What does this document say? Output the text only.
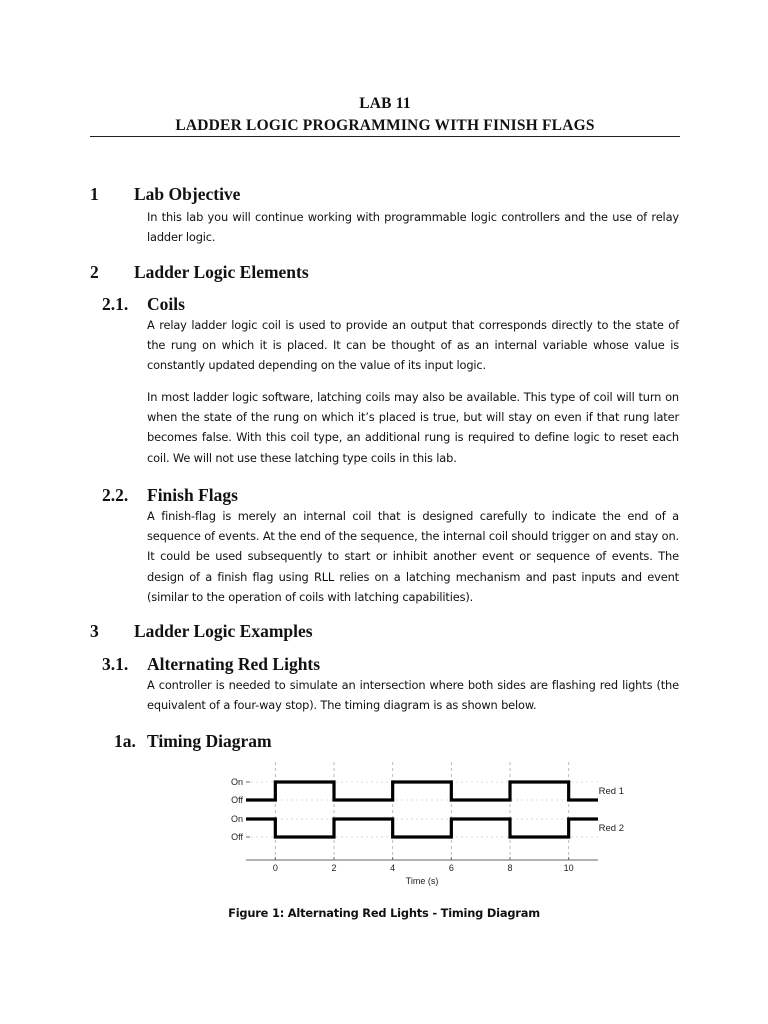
LAB 11
LADDER LOGIC PROGRAMMING WITH FINISH FLAGS
1 Lab Objective
In this lab you will continue working with programmable logic controllers and the use of relay ladder logic.
2 Ladder Logic Elements
2.1. Coils
A relay ladder logic coil is used to provide an output that corresponds directly to the state of the rung on which it is placed. It can be thought of as an internal variable whose value is constantly updated depending on the value of its input logic.
In most ladder logic software, latching coils may also be available. This type of coil will turn on when the state of the rung on which it’s placed is true, but will stay on even if that rung later becomes false. With this coil type, an additional rung is required to define logic to reset each coil. We will not use these latching type coils in this lab.
2.2. Finish Flags
A finish-flag is merely an internal coil that is designed carefully to indicate the end of a sequence of events. At the end of the sequence, the internal coil should trigger on and stay on. It could be used subsequently to start or inhibit another event or sequence of events. The design of a finish flag using RLL relies on a latching mechanism and past inputs and event (similar to the operation of coils with latching capabilities).
3 Ladder Logic Examples
3.1. Alternating Red Lights
A controller is needed to simulate an intersection where both sides are flashing red lights (the equivalent of a four-way stop). The timing diagram is as shown below.
1a. Timing Diagram
0	2	4	6	8	10
Time (s)
On
Off
On
Off
Red 1
Red 2
Figure 1: Alternating Red Lights - Timing Diagram
